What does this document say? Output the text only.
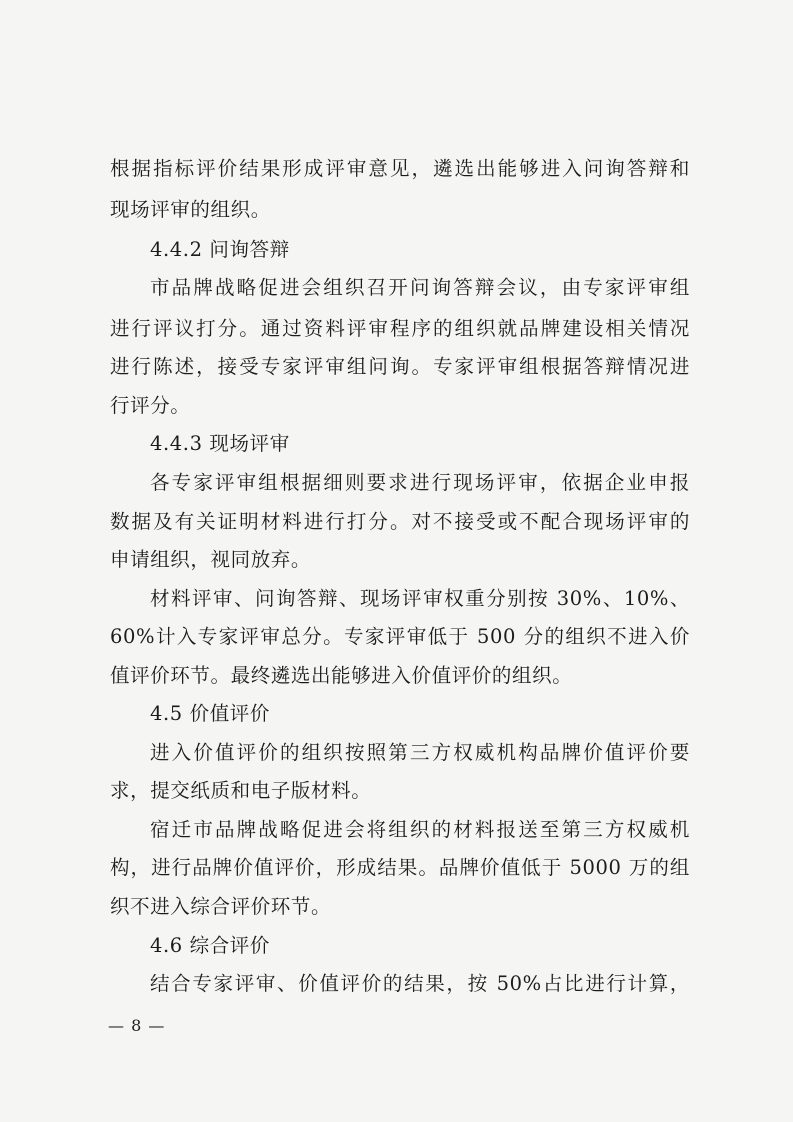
根据指标评价结果形成评审意见，遴选出能够进入问询答辩和
现场评审的组织。
4.4.2 问询答辩
市品牌战略促进会组织召开问询答辩会议，由专家评审组
进行评议打分。通过资料评审程序的组织就品牌建设相关情况
进行陈述，接受专家评审组问询。专家评审组根据答辩情况进
行评分。
4.4.3 现场评审
各专家评审组根据细则要求进行现场评审，依据企业申报
数据及有关证明材料进行打分。对不接受或不配合现场评审的
申请组织，视同放弃。
材料评审、问询答辩、现场评审权重分别按 30%、10%、
60%计入专家评审总分。专家评审低于 500 分的组织不进入价
值评价环节。最终遴选出能够进入价值评价的组织。
4.5 价值评价
进入价值评价的组织按照第三方权威机构品牌价值评价要
求，提交纸质和电子版材料。
宿迁市品牌战略促进会将组织的材料报送至第三方权威机
构，进行品牌价值评价，形成结果。品牌价值低于 5000 万的组
织不进入综合评价环节。
4.6 综合评价
结合专家评审、价值评价的结果，按 50%占比进行计算，
— 8 —
